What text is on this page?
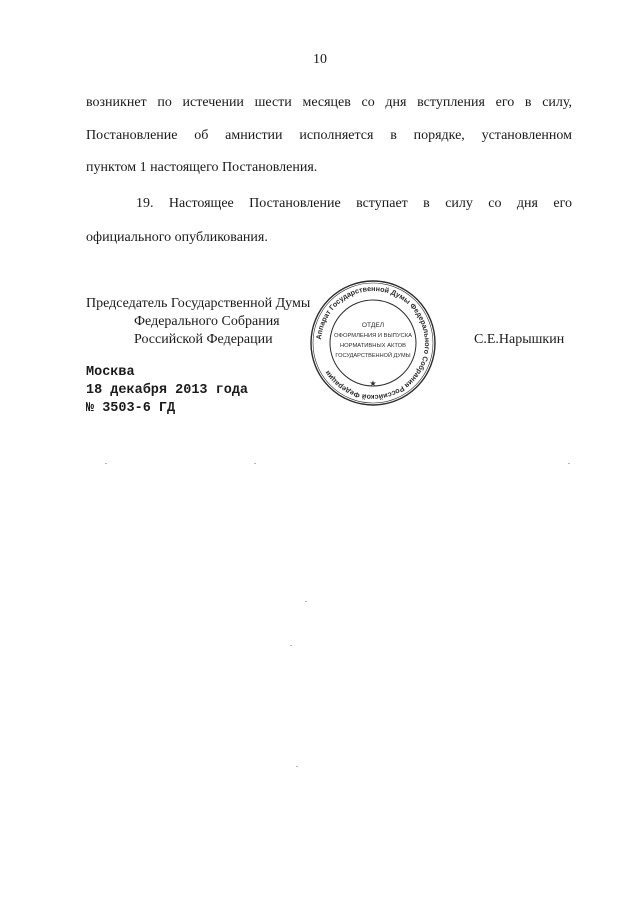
10
возникнет по истечении шести месяцев со дня вступления его в силу,
Постановление об амнистии исполняется в порядке, установленном
пунктом 1 настоящего Постановления.
19. Настоящее Постановление вступает в силу со дня его
официального опубликования.
Председатель Государственной Думы
Федерального Собрания
Российской Федерации	С.Е.Нарышкин
Аппарат Государственной Думы Федерального Собрания Российской Федерации
ОТДЕЛ
ОФОРМЛЕНИЯ И ВЫПУСКА
НОРМАТИВНЫХ АКТОВ
ГОСУДАРСТВЕННОЙ ДУМЫ
★
Москва
18 декабря 2013 года
№ 3503-6 ГД
